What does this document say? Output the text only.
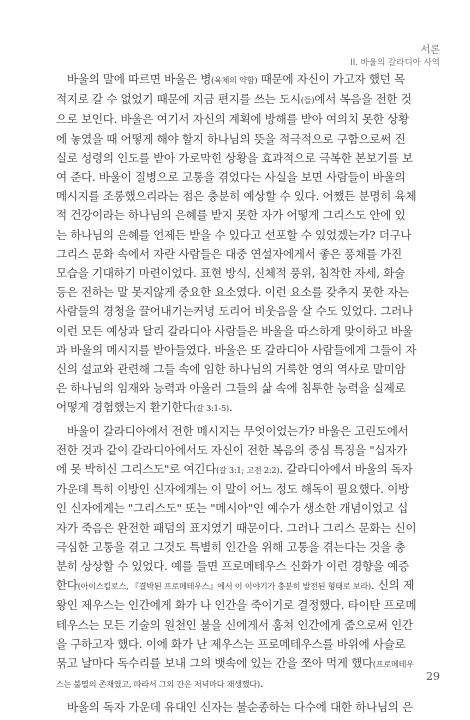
서론
II. 바울의 갈라디아 사역
바울의 말에 따르면 바울은 병(육체의 약함) 때문에 자신이 가고자 했던 목
적지로 갈 수 없었기 때문에 지금 편지를 쓰는 도시(들)에서 복음을 전한 것
으로 보인다. 바울은 여기서 자신의 계획에 방해를 받아 여의치 못한 상황
에 놓였을 때 어떻게 해야 할지 하나님의 뜻을 적극적으로 구함으로써 진
실로 성령의 인도를 받아 가로막힌 상황을 효과적으로 극복한 본보기를 보
여 준다. 바울이 질병으로 고통을 겪었다는 사실을 보면 사람들이 바울의
메시지를 조롱했으리라는 점은 충분히 예상할 수 있다. 어쨌든 분명히 육체
적 건강이라는 하나님의 은혜를 받지 못한 자가 어떻게 그리스도 안에 있
는 하나님의 은혜를 언제든 받을 수 있다고 선포할 수 있었겠는가? 더구나
그리스 문화 속에서 자란 사람들은 대중 연설자에게서 좋은 풍채를 가진
모습을 기대하기 마련이었다. 표현 방식, 신체적 풍위, 침착한 자세, 화술
등은 전하는 말 못지않게 중요한 요소였다. 이런 요소를 갖추지 못한 자는
사람들의 경청을 끌어내기는커녕 도리어 비웃음을 살 수도 있었다. 그러나
이런 모든 예상과 달리 갈라디아 사람들은 바울을 따스하게 맞이하고 바울
과 바울의 메시지를 받아들였다. 바울은 또 갈라디아 사람들에게 그들이 자
신의 설교와 관련해 그들 속에 임한 하나님의 거룩한 영의 역사로 말미암
은 하나님의 임재와 능력과 아울러 그들의 삶 속에 침투한 능력을 실제로
어떻게 경험했는지 환기한다(갈 3:1-5).
바울이 갈라디아에서 전한 메시지는 무엇이었는가? 바울은 고린도에서
전한 것과 같이 갈라디아에서도 자신이 전한 복음의 중심 특징을 "십자가
에 못 박히신 그리스도"로 여긴다(갈 3:1; 고전 2:2). 갈라디아에서 바울의 독자
가운데 특히 이방인 신자에게는 이 말이 어느 정도 해독이 필요했다. 이방
인 신자에게는 "그리스도" 또는 "메시아"인 예수가 생소한 개념이었고 십
자가 죽음은 완전한 패덤의 표지였기 때문이다. 그러나 그리스 문화는 신이
극심한 고통을 겪고 그것도 특별히 인간을 위해 고통을 겪는다는 것을 충
분히 상상할 수 있었다. 예를 들면 프로메테우스 신화가 이런 경향을 예증
한다(아이스킬로스, 『결박된 프로메테우스』에서 이 이야기가 충분히 발전된 형태로 보라). 신의 제
왕인 제우스는 인간에게 화가 나 인간을 죽이기로 결정했다. 타이탄 프로메
테우스는 모든 기술의 원천인 불을 신에게서 훔쳐 인간에게 줌으로써 인간
을 구하고자 했다. 이에 화가 난 제우스는 프로메테우스를 바위에 사슬로
묶고 날마다 독수리를 보내 그의 뱃속에 있는 간을 쪼아 먹게 했다(프로메테우
스는 불멸의 존재였고, 따라서 그의 간은 저녁마다 재생했다).
바울의 독자 가운데 유대인 신자는 불순종하는 다수에 대한 하나님의 은
29
